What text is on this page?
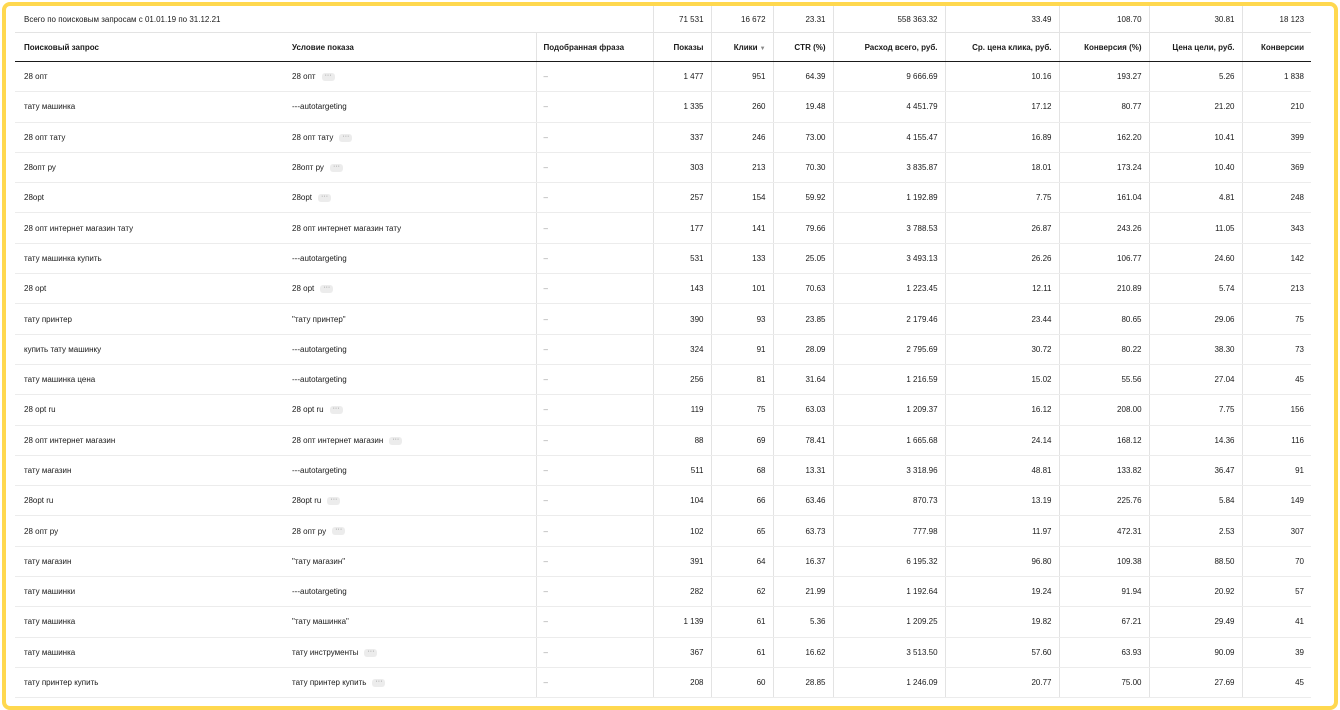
Всего по поисковым запросам с 01.01.19 по 31.12.21			71 531	16 672	23.31	558 363.32	33.49	108.70	30.81	18 123
Поисковый запрос	Условие показа	Подобранная фраза	Показы	Клики ▼	CTR (%)	Расход всего, руб.	Ср. цена клика, руб.	Конверсия (%)	Цена цели, руб.	Конверсии
28 опт	28 опт ···	–	1 477	951	64.39	9 666.69	10.16	193.27	5.26	1 838
тату машинка	---autotargeting	–	1 335	260	19.48	4 451.79	17.12	80.77	21.20	210
28 опт тату	28 опт тату ···	–	337	246	73.00	4 155.47	16.89	162.20	10.41	399
28опт ру	28опт ру ···	–	303	213	70.30	3 835.87	18.01	173.24	10.40	369
28opt	28opt ···	–	257	154	59.92	1 192.89	7.75	161.04	4.81	248
28 опт интернет магазин тату	28 опт интернет магазин тату	–	177	141	79.66	3 788.53	26.87	243.26	11.05	343
тату машинка купить	---autotargeting	–	531	133	25.05	3 493.13	26.26	106.77	24.60	142
28 opt	28 opt ···	–	143	101	70.63	1 223.45	12.11	210.89	5.74	213
тату принтер	"тату принтер"	–	390	93	23.85	2 179.46	23.44	80.65	29.06	75
купить тату машинку	---autotargeting	–	324	91	28.09	2 795.69	30.72	80.22	38.30	73
тату машинка цена	---autotargeting	–	256	81	31.64	1 216.59	15.02	55.56	27.04	45
28 opt ru	28 opt ru ···	–	119	75	63.03	1 209.37	16.12	208.00	7.75	156
28 опт интернет магазин	28 опт интернет магазин ···	–	88	69	78.41	1 665.68	24.14	168.12	14.36	116
тату магазин	---autotargeting	–	511	68	13.31	3 318.96	48.81	133.82	36.47	91
28opt ru	28opt ru ···	–	104	66	63.46	870.73	13.19	225.76	5.84	149
28 опт ру	28 опт ру ···	–	102	65	63.73	777.98	11.97	472.31	2.53	307
тату магазин	"тату магазин"	–	391	64	16.37	6 195.32	96.80	109.38	88.50	70
тату машинки	---autotargeting	–	282	62	21.99	1 192.64	19.24	91.94	20.92	57
тату машинка	"тату машинка"	–	1 139	61	5.36	1 209.25	19.82	67.21	29.49	41
тату машинка	тату инструменты ···	–	367	61	16.62	3 513.50	57.60	63.93	90.09	39
тату принтер купить	тату принтер купить ···	–	208	60	28.85	1 246.09	20.77	75.00	27.69	45
